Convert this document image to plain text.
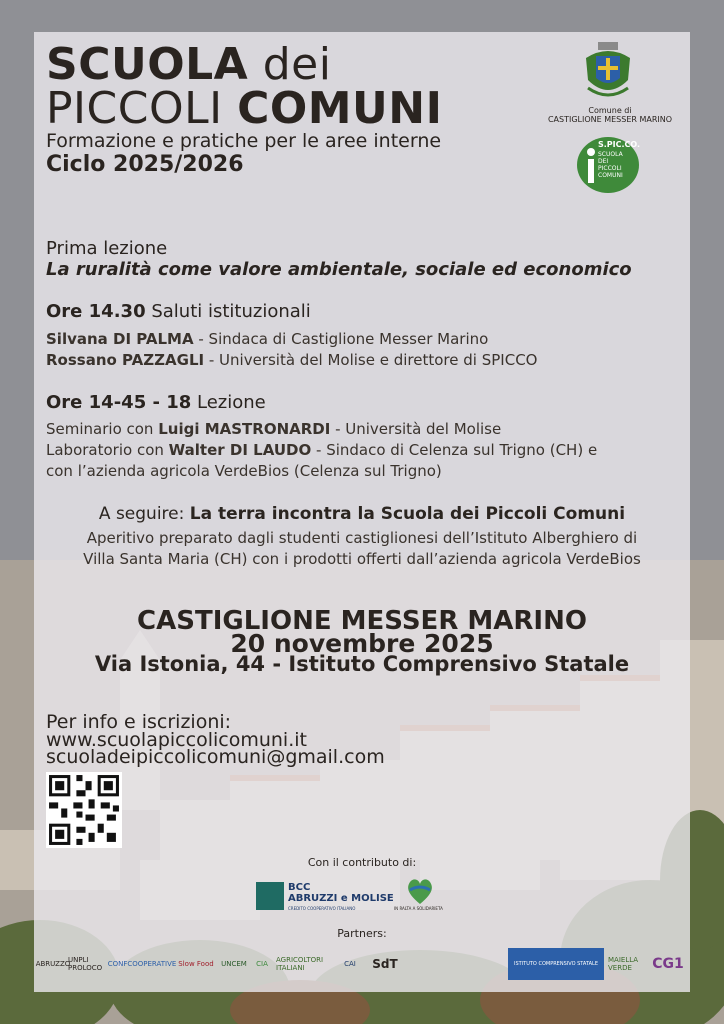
SCUOLA dei
PICCOLI COMUNI
Formazione e pratiche per le aree interne
Ciclo 2025/2026
Comune di
CASTIGLIONE MESSER MARINO
S.PIC.CO.
SCUOLA
DEI
PICCOLI
COMUNI
Prima lezione
La ruralità come valore ambientale, sociale ed economico
Ore 14.30 Saluti istituzionali
Silvana DI PALMA - Sindaca di Castiglione Messer Marino
Rossano PAZZAGLI - Università del Molise e direttore di SPICCO
Ore 14-45 - 18 Lezione
Seminario con Luigi MASTRONARDI - Università del Molise
Laboratorio con Walter DI LAUDO - Sindaco di Celenza sul Trigno (CH) e
con l’azienda agricola VerdeBios (Celenza sul Trigno)
A seguire: La terra incontra la Scuola dei Piccoli Comuni
Aperitivo preparato dagli studenti castiglionesi dell’Istituto Alberghiero di
Villa Santa Maria (CH) con i prodotti offerti dall’azienda agricola VerdeBios
CASTIGLIONE MESSER MARINO
20 novembre 2025
Via Istonia, 44 - Istituto Comprensivo Statale
Per info e iscrizioni:
www.scuolapiccolicomuni.it
scuoladeipiccolicomuni@gmail.com
Con il contributo di:
BCC
ABRUZZI e MOLISE
CREDITO COOPERATIVO ITALIANO	IN RALTA A SOLIDARIETA
Partners:
ABRUZZO
UNPLI PROLOCO CONFCOOPERATIVE Slow Food	UNCEM	CIA	AGRICOLTORI ITALIANI	CAI	SdT	ISTITUTO COMPRENSIVO STATALE	MAIELLA VERDE	CG1
